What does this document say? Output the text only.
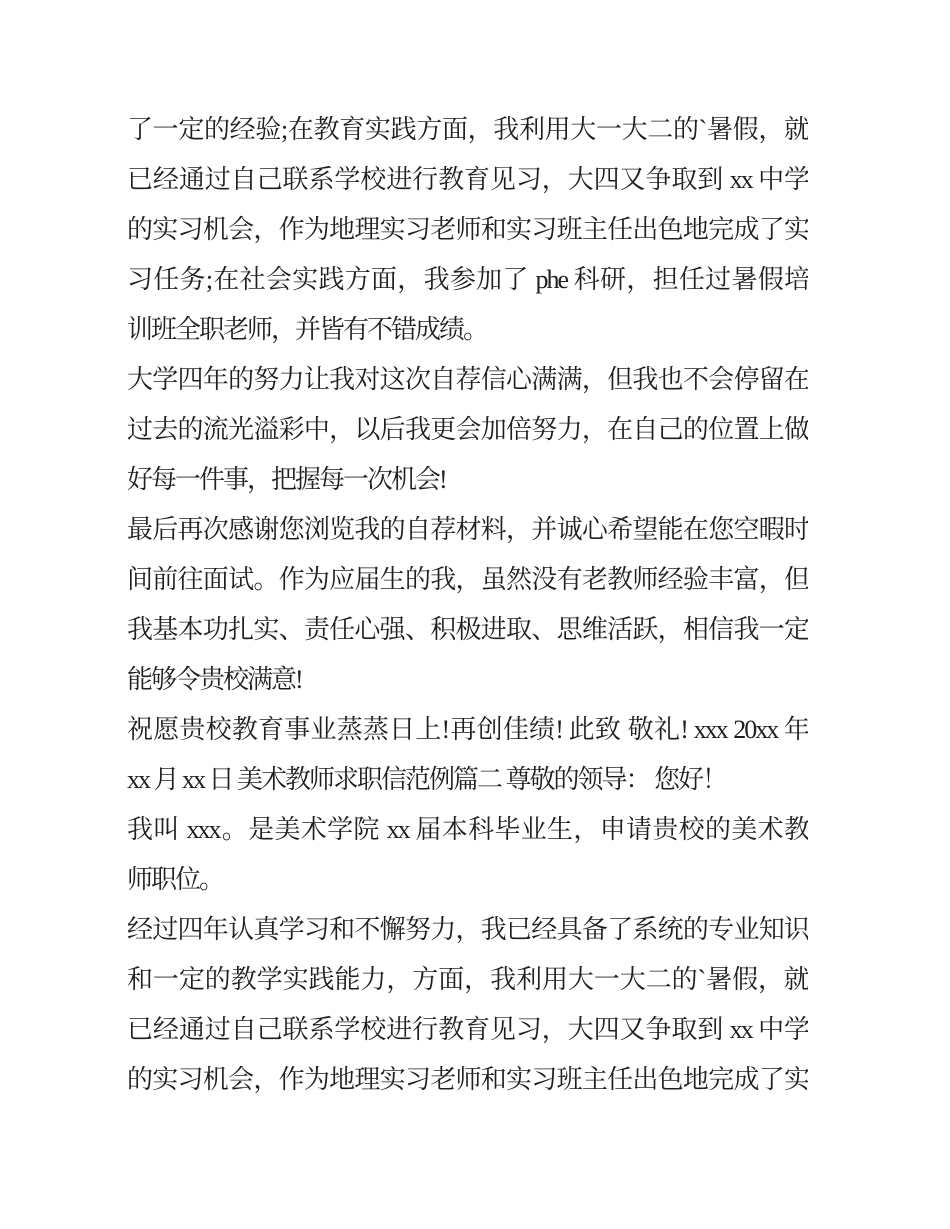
了一定的经验;在教育实践方面，我利用大一大二的`暑假，就
已经通过自己联系学校进行教育见习，大四又争取到 xx 中学
的实习机会，作为地理实习老师和实习班主任出色地完成了实
习任务;在社会实践方面，我参加了 phe 科研，担任过暑假培
训班全职老师，并皆有不错成绩。
大学四年的努力让我对这次自荐信心满满，但我也不会停留在
过去的流光溢彩中，以后我更会加倍努力，在自己的位置上做
好每一件事，把握每一次机会!
最后再次感谢您浏览我的自荐材料，并诚心希望能在您空暇时
间前往面试。作为应届生的我，虽然没有老教师经验丰富，但
我基本功扎实、责任心强、积极进取、思维活跃，相信我一定
能够令贵校满意!
祝愿贵校教育事业蒸蒸日上!再创佳绩! 此致 敬礼! xxx 20xx 年
xx 月 xx 日 美术教师求职信范例篇二 尊敬的领导： 您好！
我叫 xxx。是美术学院 xx 届本科毕业生，申请贵校的美术教
师职位。
经过四年认真学习和不懈努力，我已经具备了系统的专业知识
和一定的教学实践能力，方面，我利用大一大二的`暑假，就
已经通过自己联系学校进行教育见习，大四又争取到 xx 中学
的实习机会，作为地理实习老师和实习班主任出色地完成了实
